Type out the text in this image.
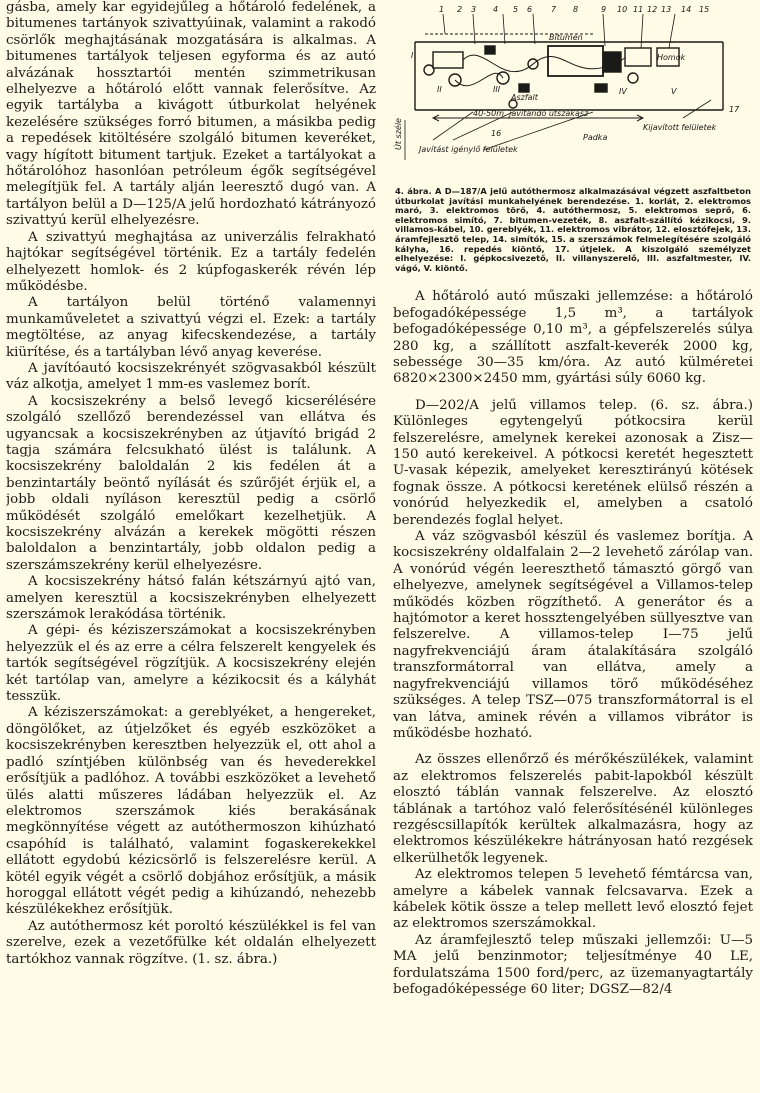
gásba, amely kar egyidejűleg a hőtároló fedelének, a bitumenes tartányok szivattyúinak, valamint a rakodó csörlők meghajtásának mozgatására is alkalmas. A bitumenes tartályok teljesen egyforma és az autó alvázának hossztartói mentén szimmetrikusan elhelyezve a hőtároló előtt vannak felerősítve. Az egyik tartályba a kivágott útburkolat helyének kezelésére szükséges forró bitumen, a másikba pedig a repedések kitöltésére szolgáló bitumen keveréket, vagy hígított bitument tartjuk. Ezeket a tartályokat a hőtárolóhoz hasonlóan petróleum égők segítségével melegítjük fel. A tartály alján leeresztő dugó van. A tartályon belül a D—125/A jelű hordozható kátrányozó szivattyú kerül elhelyezésre.

A szivattyú meghajtása az univerzális felrakható hajtókar segítségével történik. Ez a tartály fedelén elhelyezett homlok- és 2 kúpfogaskerék révén lép működésbe.

A tartályon belül történő valamennyi munkaműveletet a szivattyú végzi el. Ezek: a tartály megtöltése, az anyag kifecskendezése, a tartály kiürítése, és a tartályban lévő anyag keverése.

A javítóautó kocsiszekrényét szögvasakból készült váz alkotja, amelyet 1 mm-es vaslemez borít.

A kocsiszekrény a belső levegő kicserélésére szolgáló szellőző berendezéssel van ellátva és ugyancsak a kocsiszekrényben az útjavító brigád 2 tagja számára felcsukható ülést is találunk. A kocsiszekrény baloldalán 2 kis fedélen át a benzintartály beöntő nyílását és szűrőjét érjük el, a jobb oldali nyíláson keresztül pedig a csörlő működését szolgáló emelőkart kezelhetjük. A kocsiszekrény alvázán a kerekek mögötti részen baloldalon a benzintartály, jobb oldalon pedig a szerszámszekrény kerül elhelyezésre.

A kocsiszekrény hátsó falán kétszárnyú ajtó van, amelyen keresztül a kocsiszekrényben elhelyezett szerszámok lerakódása történik.

A gépi- és kéziszerszámokat a kocsiszekrényben helyezzük el és az erre a célra felszerelt kengyelek és tartók segítségével rögzítjük. A kocsiszekrény elején két tartólap van, amelyre a kézikocsit és a kályhát tesszük.

A kéziszerszámokat: a gereblyéket, a hengereket, döngölőket, az útjelzőket és egyéb eszközöket a kocsiszekrényben keresztben helyezzük el, ott ahol a padló színtjében különbség van és hevederekkel erősítjük a padlóhoz. A további eszközöket a levehető ülés alatti műszeres ládában helyezzük el. Az elektromos szerszámok kiés berakásának megkönnyítése végett az autóthermoszon kihúzható csapóhíd is található, valamint fogaskerekekkel ellátott egydobú kézicsörlő is felszerelésre kerül. A kötél egyik végét a csörlő dobjához erősítjük, a másik horoggal ellátott végét pedig a kihúzandó, nehezebb készülékekhez erősítjük.

Az autóthermosz két poroltó készülékkel is fel van szerelve, ezek a vezetőfülke két oldalán elhelyezett tartókhoz vannak rögzítve. (1. sz. ábra.)

1 2 3 4 5 6 7 8	9 10 11 12 13 14 15
Bitumen
Aszfalt
Homok
40-50m. javítandó útszakasz
Javítást igénylő felületek
Kijavított felületek
Padka
16
17
I
II	III	IV	V
Út széle

4. ábra. A D—187/A jelű autóthermosz alkalmazásával végzett aszfaltbeton útburkolat javítási munkahelyének berendezése. 1. korlát, 2. elektromos maró, 3. elektromos törő, 4. autóthermosz, 5. elektromos seprő, 6. elektromos simító, 7. bitumen-vezeték, 8. aszfalt-szállító kézikocsi, 9. villamos-kábel, 10. gereblyék, 11. elektromos vibrátor, 12. elosztófejek, 13. áramfejlesztő telep, 14. simítók, 15. a szerszámok felmelegítésére szolgáló kályha, 16. repedés kiöntő, 17. útjelek. A kiszolgáló személyzet elhelyezése: I. gépkocsivezető, II. villanyszerelő, III. aszfaltmester, IV. vágó, V. kiöntő.

A hőtároló autó műszaki jellemzése: a hőtároló befogadóképessége 1,5 m³, a tartályok befogadóképessége 0,10 m³, a gépfelszerelés súlya 280 kg, a szállított aszfalt-keverék 2000 kg, sebessége 30—35 km/óra. Az autó külméretei 6820×2300×2450 mm, gyártási súly 6060 kg.

D—202/A jelű villamos telep. (6. sz. ábra.) Különleges egytengelyű pótkocsira kerül felszerelésre, amelynek kerekei azonosak a Zisz—150 autó kerekeivel. A pótkocsi keretét hegesztett U-vasak képezik, amelyeket keresztirányú kötések fognak össze. A pótkocsi keretének elülső részén a vonórúd helyezkedik el, amelyben a csatoló berendezés foglal helyet.

A váz szögvasból készül és vaslemez borítja. A kocsiszekrény oldalfalain 2—2 levehető zárólap van. A vonórúd végén leereszthető támasztó görgő van elhelyezve, amelynek segítségével a Villamos-telep működés közben rögzíthető. A generátor és a hajtómotor a keret hossztengelyében süllyesztve van felszerelve. A villamos-telep I—75 jelű nagyfrekvenciájú áram átalakítására szolgáló transzformátorral van ellátva, amely a nagyfrekvenciájú villamos törő működéséhez szükséges. A telep TSZ—075 transzformátorral is el van látva, aminek révén a villamos vibrátor is működésbe hozható.

Az összes ellenőrző és mérőkészülékek, valamint az elektromos felszerelés pabit-lapokból készült elosztó táblán vannak felszerelve. Az elosztó táblának a tartóhoz való felerősítésénél különleges rezgéscsillapítók kerültek alkalmazásra, hogy az elektromos készülékekre hátrányosan ható rezgések elkerülhetők legyenek.

Az elektromos telepen 5 levehető fémtárcsa van, amelyre a kábelek vannak felcsavarva. Ezek a kábelek kötik össze a telep mellett levő elosztó fejet az elektromos szerszámokkal.

Az áramfejlesztő telep műszaki jellemzői: U—5 MA jelű benzinmotor; teljesítménye 40 LE, fordulatszáma 1500 ford/perc, az üzemanyagtartály befogadóképessége 60 liter; DGSZ—82/4
